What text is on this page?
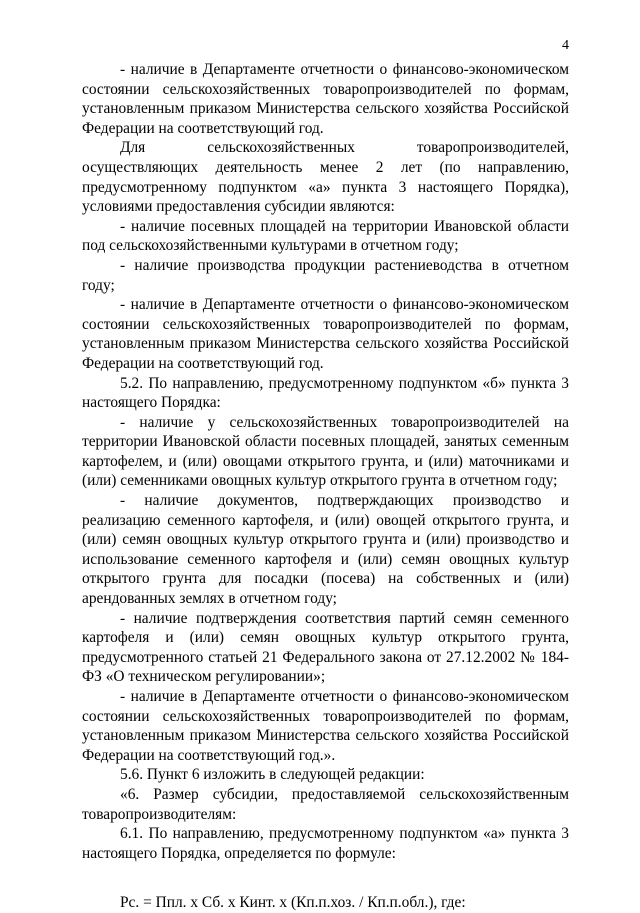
4

- наличие в Департаменте отчетности о финансово-экономическом состоянии сельскохозяйственных товаропроизводителей по формам, установленным приказом Министерства сельского хозяйства Российской Федерации на соответствующий год.

Для сельскохозяйственных товаропроизводителей, осуществляющих деятельность менее 2 лет (по направлению, предусмотренному подпунктом «а» пункта 3 настоящего Порядка), условиями предоставления субсидии являются:

- наличие посевных площадей на территории Ивановской области под сельскохозяйственными культурами в отчетном году;

- наличие производства продукции растениеводства в отчетном году;

- наличие в Департаменте отчетности о финансово-экономическом состоянии сельскохозяйственных товаропроизводителей по формам, установленным приказом Министерства сельского хозяйства Российской Федерации на соответствующий год.

5.2. По направлению, предусмотренному подпунктом «б» пункта 3 настоящего Порядка:

- наличие у сельскохозяйственных товаропроизводителей на территории Ивановской области посевных площадей, занятых семенным картофелем, и (или) овощами открытого грунта, и (или) маточниками и (или) семенниками овощных культур открытого грунта в отчетном году;

- наличие документов, подтверждающих производство и реализацию семенного картофеля, и (или) овощей открытого грунта, и (или) семян овощных культур открытого грунта и (или) производство и использование семенного картофеля и (или) семян овощных культур открытого грунта для посадки (посева) на собственных и (или) арендованных землях в отчетном году;

- наличие подтверждения соответствия партий семян семенного картофеля и (или) семян овощных культур открытого грунта, предусмотренного статьей 21 Федерального закона от 27.12.2002 № 184-ФЗ «О техническом регулировании»;

- наличие в Департаменте отчетности о финансово-экономическом состоянии сельскохозяйственных товаропроизводителей по формам, установленным приказом Министерства сельского хозяйства Российской Федерации на соответствующий год.».

5.6. Пункт 6 изложить в следующей редакции:

«6. Размер субсидии, предоставляемой сельскохозяйственным товаропроизводителям:

6.1. По направлению, предусмотренному подпунктом «а» пункта 3 настоящего Порядка, определяется по формуле:

Рс. = Ппл. х Сб. х Кинт. х (Кп.п.хоз. / Кп.п.обл.), где:
